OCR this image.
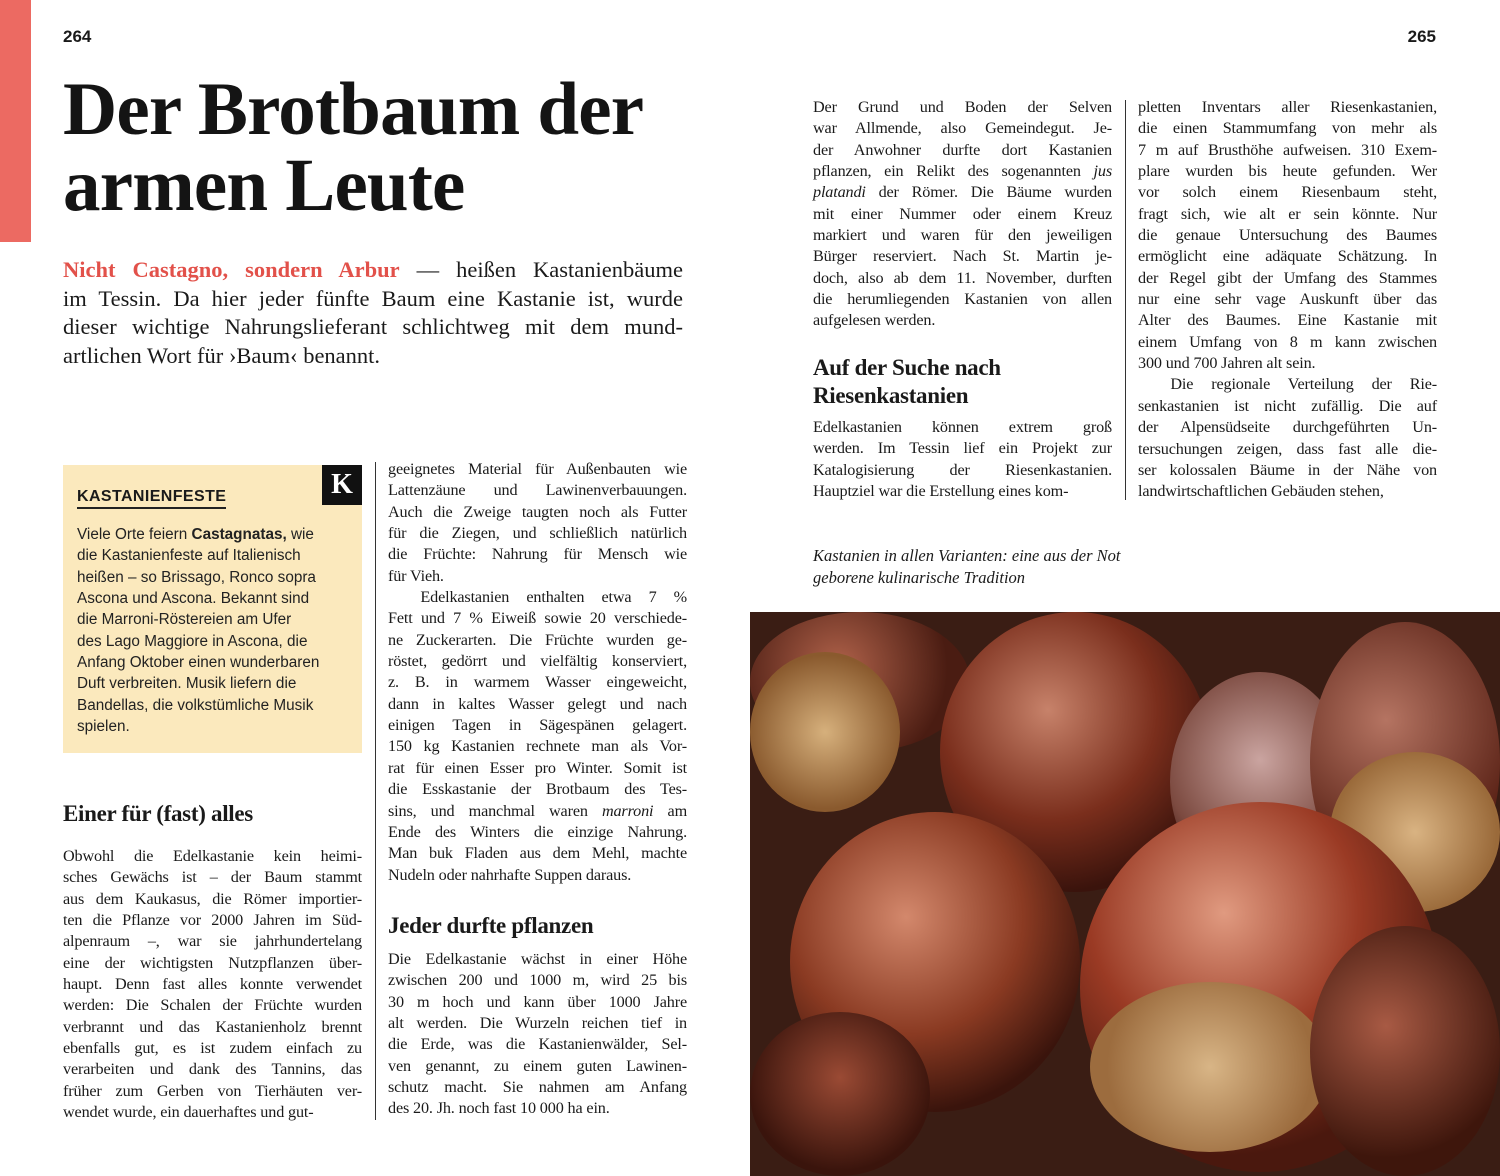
264	265
Der Brotbaum der
armen Leute
Nicht Castagno, sondern Arbur — heißen Kastanienbäume
im Tessin. Da hier jeder fünfte Baum eine Kastanie ist, wurde
dieser wichtige Nahrungslieferant schlichtweg mit dem mund-
artlichen Wort für ›Baum‹ benannt.
K
KASTANIENFESTE
Viele Orte feiern Castagnatas, wie
die Kastanienfeste auf Italienisch
heißen – so Brissago, Ronco sopra
Ascona und Ascona. Bekannt sind
die Marroni-Röstereien am Ufer
des Lago Maggiore in Ascona, die
Anfang Oktober einen wunderbaren
Duft verbreiten. Musik liefern die
Bandellas, die volkstümliche Musik
spielen.
Einer für (fast) alles
Obwohl die Edelkastanie kein heimi-
sches Gewächs ist – der Baum stammt
aus dem Kaukasus, die Römer importier-
ten die Pflanze vor 2000 Jahren im Süd-
alpenraum –, war sie jahrhundertelang
eine der wichtigsten Nutzpflanzen über-
haupt. Denn fast alles konnte verwendet
werden: Die Schalen der Früchte wurden
verbrannt und das Kastanienholz brennt
ebenfalls gut, es ist zudem einfach zu
verarbeiten und dank des Tannins, das
früher zum Gerben von Tierhäuten ver-
wendet wurde, ein dauerhaftes und gut-
geeignetes Material für Außenbauten wie
Lattenzäune und Lawinenverbauungen.
Auch die Zweige taugten noch als Futter
für die Ziegen, und schließlich natürlich
die Früchte: Nahrung für Mensch wie
für Vieh.
Edelkastanien enthalten etwa 7 %
Fett und 7 % Eiweiß sowie 20 verschiede-
ne Zuckerarten. Die Früchte wurden ge-
röstet, gedörrt und vielfältig konserviert,
z. B. in warmem Wasser eingeweicht,
dann in kaltes Wasser gelegt und nach
einigen Tagen in Sägespänen gelagert.
150 kg Kastanien rechnete man als Vor-
rat für einen Esser pro Winter. Somit ist
die Esskastanie der Brotbaum des Tes-
sins, und manchmal waren marroni am
Ende des Winters die einzige Nahrung.
Man buk Fladen aus dem Mehl, machte
Nudeln oder nahrhafte Suppen daraus.
Jeder durfte pflanzen
Die Edelkastanie wächst in einer Höhe
zwischen 200 und 1000 m, wird 25 bis
30 m hoch und kann über 1000 Jahre
alt werden. Die Wurzeln reichen tief in
die Erde, was die Kastanienwälder, Sel-
ven genannt, zu einem guten Lawinen-
schutz macht. Sie nahmen am Anfang
des 20. Jh. noch fast 10 000 ha ein.
Der Grund und Boden der Selven
war Allmende, also Gemeindegut. Je-
der Anwohner durfte dort Kastanien
pflanzen, ein Relikt des sogenannten jus
platandi der Römer. Die Bäume wurden
mit einer Nummer oder einem Kreuz
markiert und waren für den jeweiligen
Bürger reserviert. Nach St. Martin je-
doch, also ab dem 11. November, durften
die herumliegenden Kastanien von allen
aufgelesen werden.
Auf der Suche nach
Riesenkastanien
Edelkastanien können extrem groß
werden. Im Tessin lief ein Projekt zur
Katalogisierung der Riesenkastanien.
Hauptziel war die Erstellung eines kom-
pletten Inventars aller Riesenkastanien,
die einen Stammumfang von mehr als
7 m auf Brusthöhe aufweisen. 310 Exem-
plare wurden bis heute gefunden. Wer
vor solch einem Riesenbaum steht,
fragt sich, wie alt er sein könnte. Nur
die genaue Untersuchung des Baumes
ermöglicht eine adäquate Schätzung. In
der Regel gibt der Umfang des Stammes
nur eine sehr vage Auskunft über das
Alter des Baumes. Eine Kastanie mit
einem Umfang von 8 m kann zwischen
300 und 700 Jahren alt sein.
Die regionale Verteilung der Rie-
senkastanien ist nicht zufällig. Die auf
der Alpensüdseite durchgeführten Un-
tersuchungen zeigen, dass fast alle die-
ser kolossalen Bäume in der Nähe von
landwirtschaftlichen Gebäuden stehen,
Kastanien in allen Varianten: eine aus der Not
geborene kulinarische Tradition
